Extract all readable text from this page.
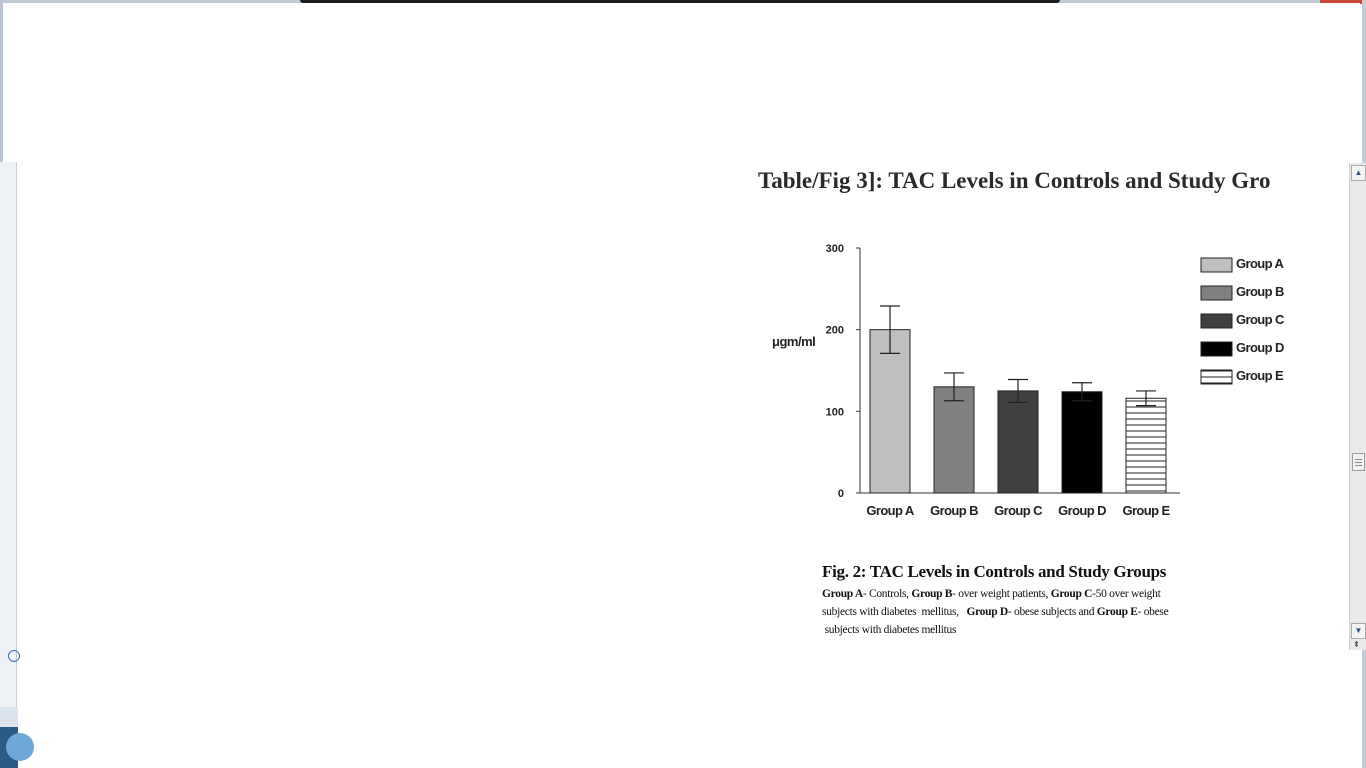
Table/Fig 3]: TAC Levels in Controls and Study Gro
0
100
200
300
μgm/ml
Group A Group B Group C Group D Group E
Group A
Group B
Group C
Group D
Group E
Fig. 2: TAC Levels in Controls and Study Groups
Group A- Controls, Group B- over weight patients, Group C-50 over weight
subjects with diabetes  mellitus,   Group D- obese subjects and Group E- obese
subjects with diabetes mellitus
▲
▼
⇞
